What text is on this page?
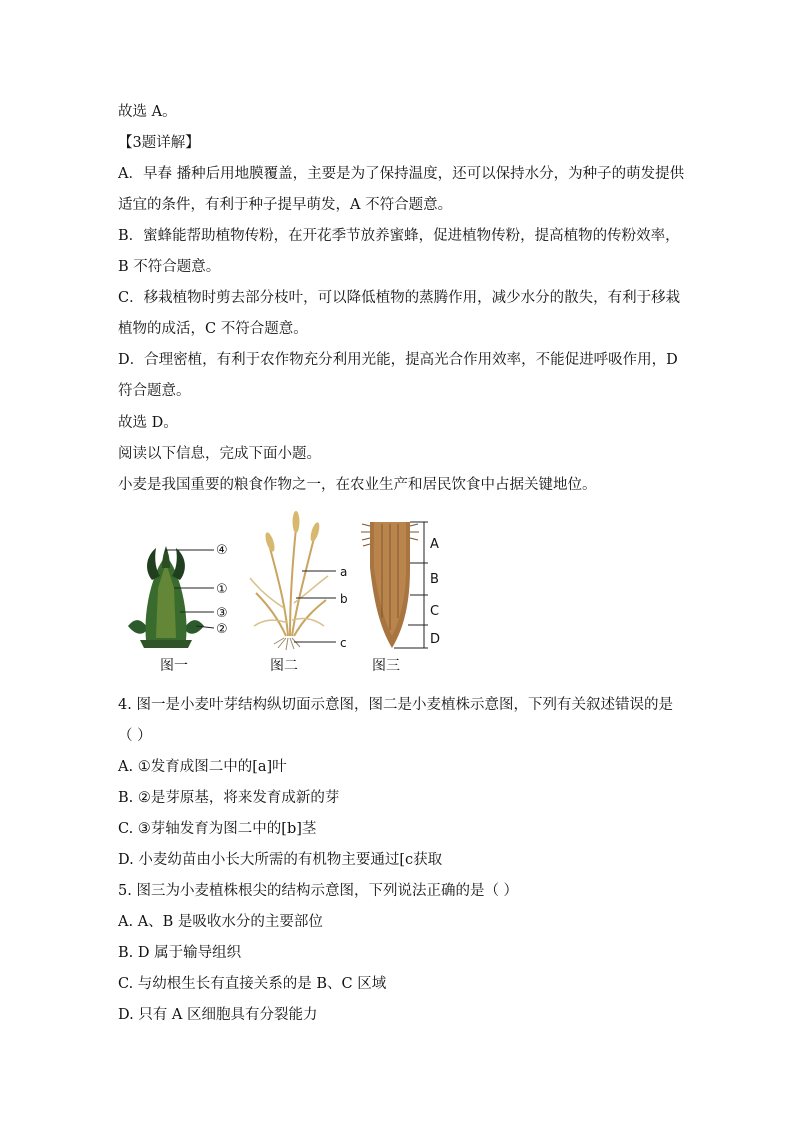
故选 A。
【3题详解】
A．早春 播种后用地膜覆盖，主要是为了保持温度，还可以保持水分，为种子的萌发提供
适宜的条件，有利于种子提早萌发，A 不符合题意。
B．蜜蜂能帮助植物传粉，在开花季节放养蜜蜂，促进植物传粉，提高植物的传粉效率，
B 不符合题意。
C．移栽植物时剪去部分枝叶，可以降低植物的蒸腾作用，减少水分的散失，有利于移栽
植物的成活，C 不符合题意。
D．合理密植，有利于农作物充分利用光能，提高光合作用效率，不能促进呼吸作用，D
符合题意。
故选 D。
阅读以下信息，完成下面小题。
小麦是我国重要的粮食作物之一，在农业生产和居民饮食中占据关键地位。
④
①
③
②
a
b
c
A
B
C
D
图一	图二	图三
4. 图一是小麦叶芽结构纵切面示意图，图二是小麦植株示意图，下列有关叙述错误的是
（ ）
A. ①发育成图二中的[a]叶
B. ②是芽原基，将来发育成新的芽
C. ③芽轴发育为图二中的[b]茎
D. 小麦幼苗由小长大所需的有机物主要通过[c获取
5. 图三为小麦植株根尖的结构示意图，下列说法正确的是（ ）
A. A、B 是吸收水分的主要部位
B. D 属于输导组织
C. 与幼根生长有直接关系的是 B、C 区域
D. 只有 A 区细胞具有分裂能力
